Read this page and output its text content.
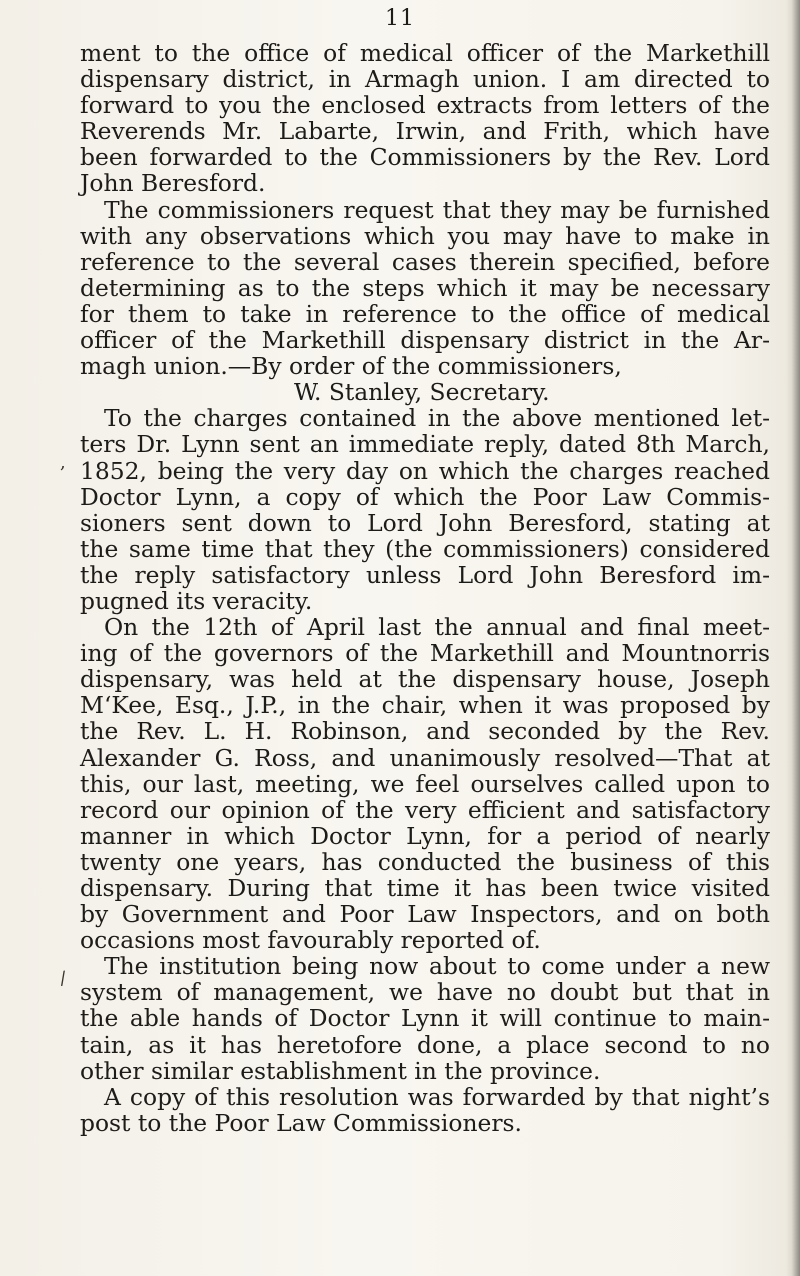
11
ment to the office of medical officer of the Markethill
dispensary district, in Armagh union. I am directed to
forward to you the enclosed extracts from letters of the
Reverends Mr. Labarte, Irwin, and Frith, which have
been forwarded to the Commissioners by the Rev. Lord
John Beresford.
The commissioners request that they may be furnished
with any observations which you may have to make in
reference to the several cases therein specified, before
determining as to the steps which it may be necessary
for them to take in reference to the office of medical
officer of the Markethill dispensary district in the Ar-
magh union.—By order of the commissioners,
W. Stanley, Secretary.
To the charges contained in the above mentioned let-
ters Dr. Lynn sent an immediate reply, dated 8th March,
1852, being the very day on which the charges reached
Doctor Lynn, a copy of which the Poor Law Commis-
sioners sent down to Lord John Beresford, stating at
the same time that they (the commissioners) considered
the reply satisfactory unless Lord John Beresford im-
pugned its veracity.
On the 12th of April last the annual and final meet-
ing of the governors of the Markethill and Mountnorris
dispensary, was held at the dispensary house, Joseph
M‘Kee, Esq., J.P., in the chair, when it was proposed by
the Rev. L. H. Robinson, and seconded by the Rev.
Alexander G. Ross, and unanimously resolved—That at
this, our last, meeting, we feel ourselves called upon to
record our opinion of the very efficient and satisfactory
manner in which Doctor Lynn, for a period of nearly
twenty one years, has conducted the business of this
dispensary. During that time it has been twice visited
by Government and Poor Law Inspectors, and on both
occasions most favourably reported of.
The institution being now about to come under a new
system of management, we have no doubt but that in
the able hands of Doctor Lynn it will continue to main-
tain, as it has heretofore done, a place second to no
other similar establishment in the province.
A copy of this resolution was forwarded by that night’s
post to the Poor Law Commissioners.
,
/
